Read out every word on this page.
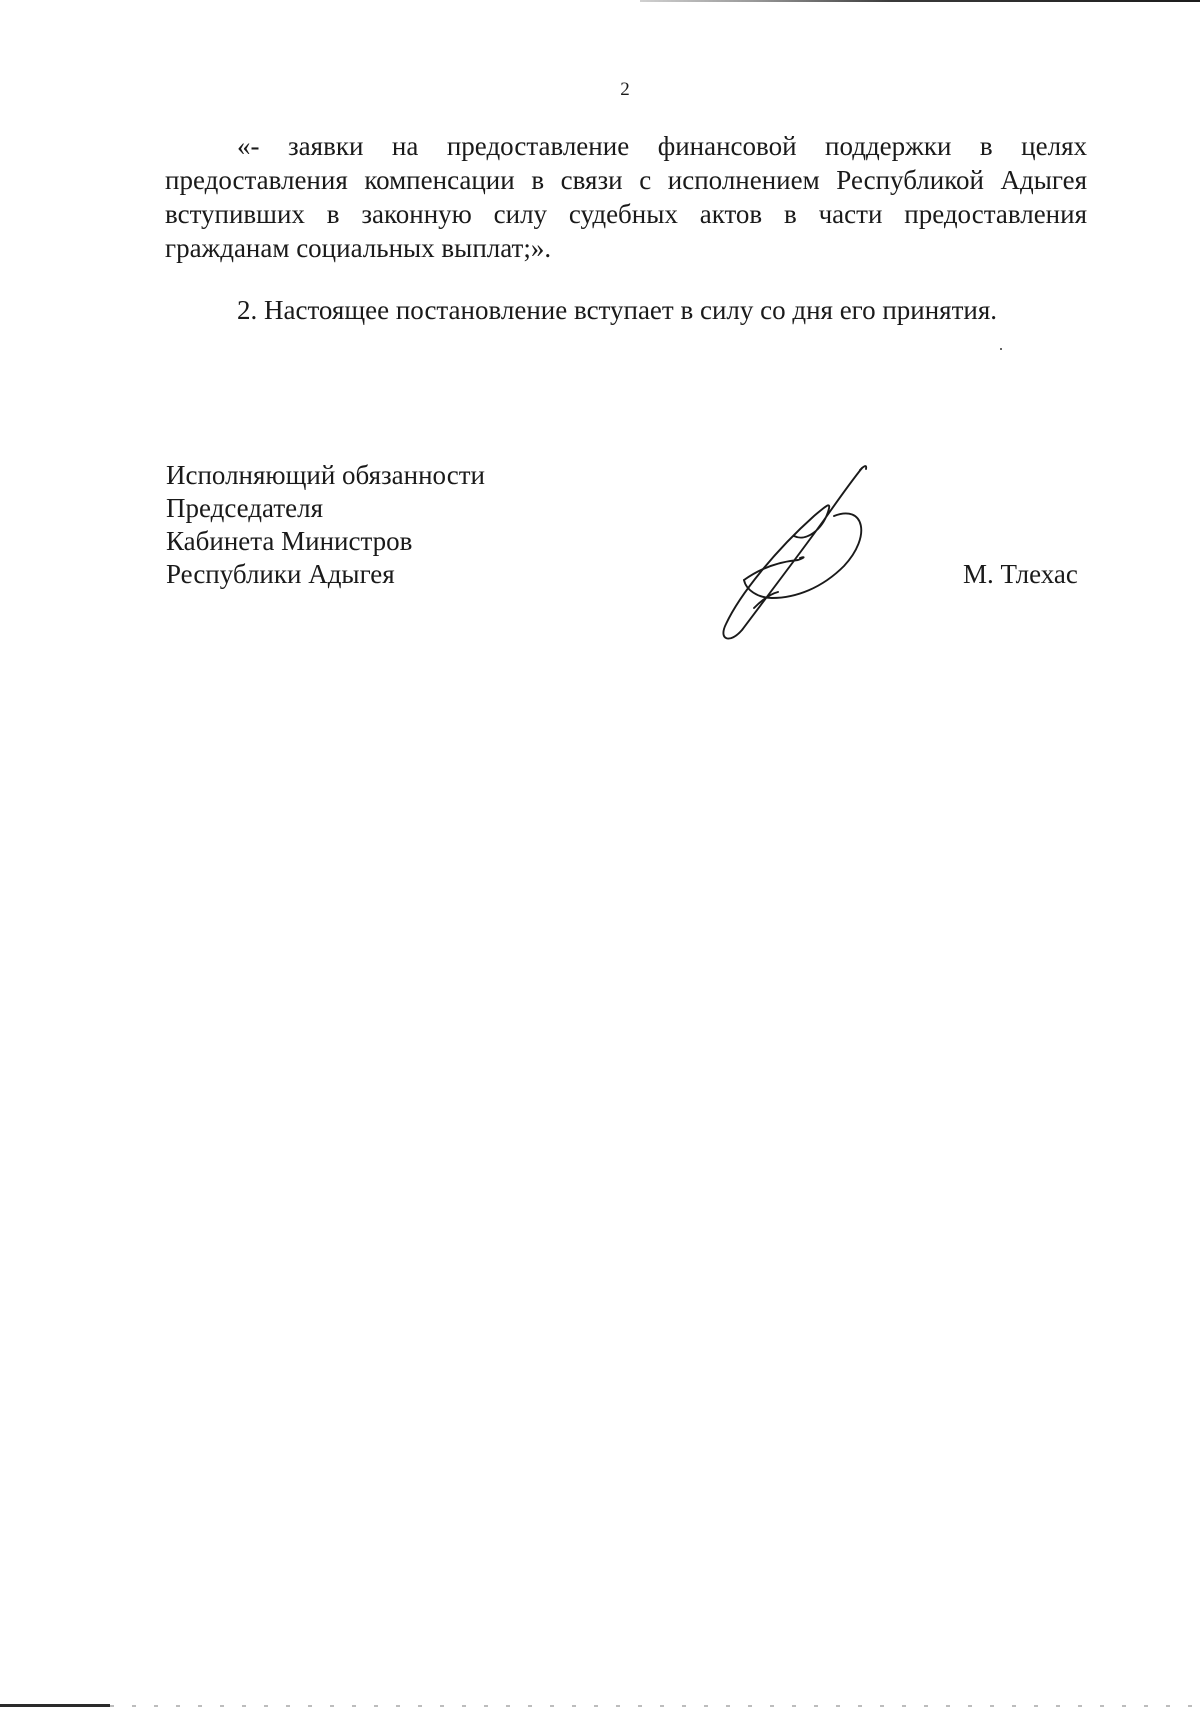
2

«- заявки на предоставление финансовой поддержки в целях предоставления компенсации в связи с исполнением Республикой Адыгея вступивших в законную силу судебных актов в части предоставления гражданам социальных выплат;».

2. Настоящее постановление вступает в силу со дня его принятия.

Исполняющий обязанности
Председателя
Кабинета Министров
Республики Адыгея	М. Тлехас
